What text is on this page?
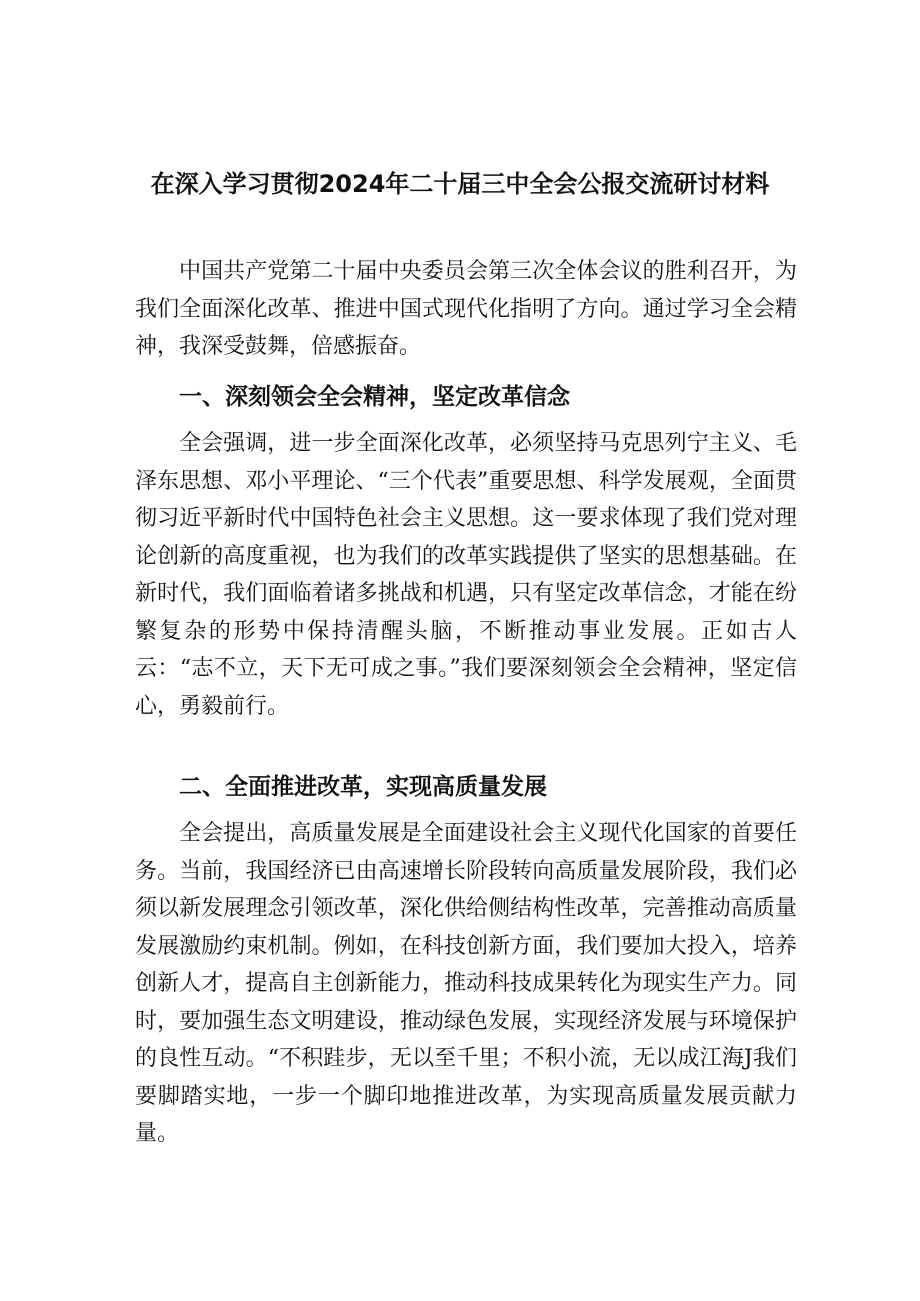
在深入学习贯彻2024年二十届三中全会公报交流研讨材料

中国共产党第二十届中央委员会第三次全体会议的胜利召开，为我们全面深化改革、推进中国式现代化指明了方向。通过学习全会精神，我深受鼓舞，倍感振奋。

一、深刻领会全会精神，坚定改革信念

全会强调，进一步全面深化改革，必须坚持马克思列宁主义、毛泽东思想、邓小平理论、“三个代表”重要思想、科学发展观，全面贯彻习近平新时代中国特色社会主义思想。这一要求体现了我们党对理论创新的高度重视，也为我们的改革实践提供了坚实的思想基础。在新时代，我们面临着诸多挑战和机遇，只有坚定改革信念，才能在纷繁复杂的形势中保持清醒头脑，不断推动事业发展。正如古人云：“志不立，天下无可成之事。”我们要深刻领会全会精神，坚定信心，勇毅前行。

二、全面推进改革，实现高质量发展

全会提出，高质量发展是全面建设社会主义现代化国家的首要任务。当前，我国经济已由高速增长阶段转向高质量发展阶段，我们必须以新发展理念引领改革，深化供给侧结构性改革，完善推动高质量发展激励约束机制。例如，在科技创新方面，我们要加大投入，培养创新人才，提高自主创新能力，推动科技成果转化为现实生产力。同时，要加强生态文明建设，推动绿色发展，实现经济发展与环境保护的良性互动。“不积跬步，无以至千里；不积小流，无以成江海J我们要脚踏实地，一步一个脚印地推进改革，为实现高质量发展贡献力量。
